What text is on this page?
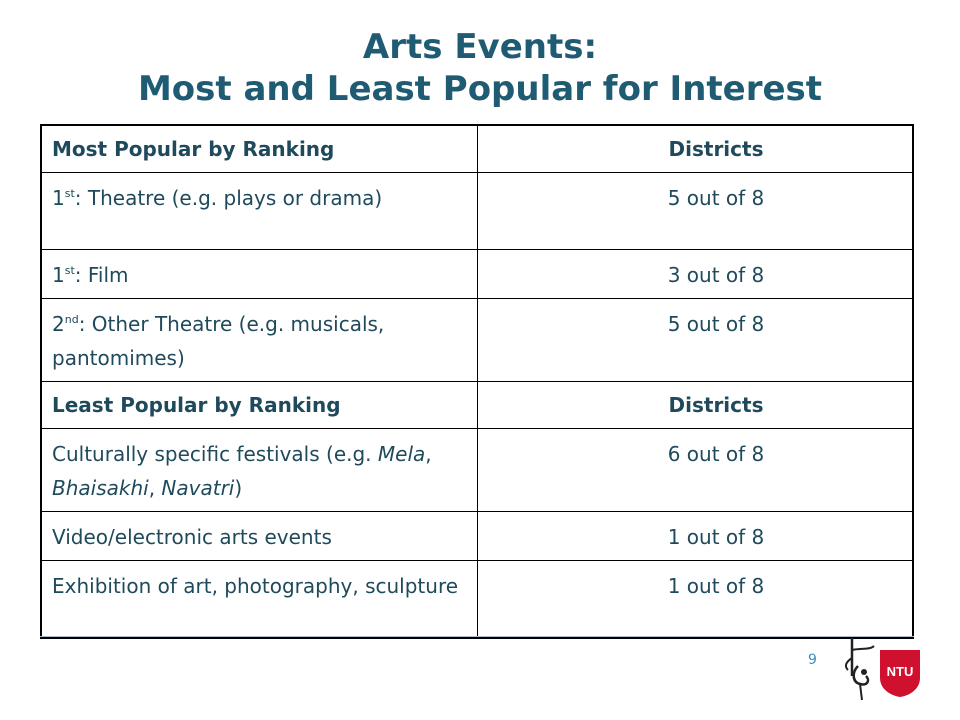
Arts Events:
Most and Least Popular for Interest
Most Popular by Ranking	Districts
1st: Theatre (e.g. plays or drama)	5 out of 8
1st: Film	3 out of 8
2nd: Other Theatre (e.g. musicals, pantomimes)	5 out of 8
Least Popular by Ranking	Districts
Culturally specific festivals (e.g. Mela, Bhaisakhi, Navatri)	6 out of 8
Video/electronic arts events	1 out of 8
Exhibition of art, photography, sculpture	1 out of 8
9
NTU
